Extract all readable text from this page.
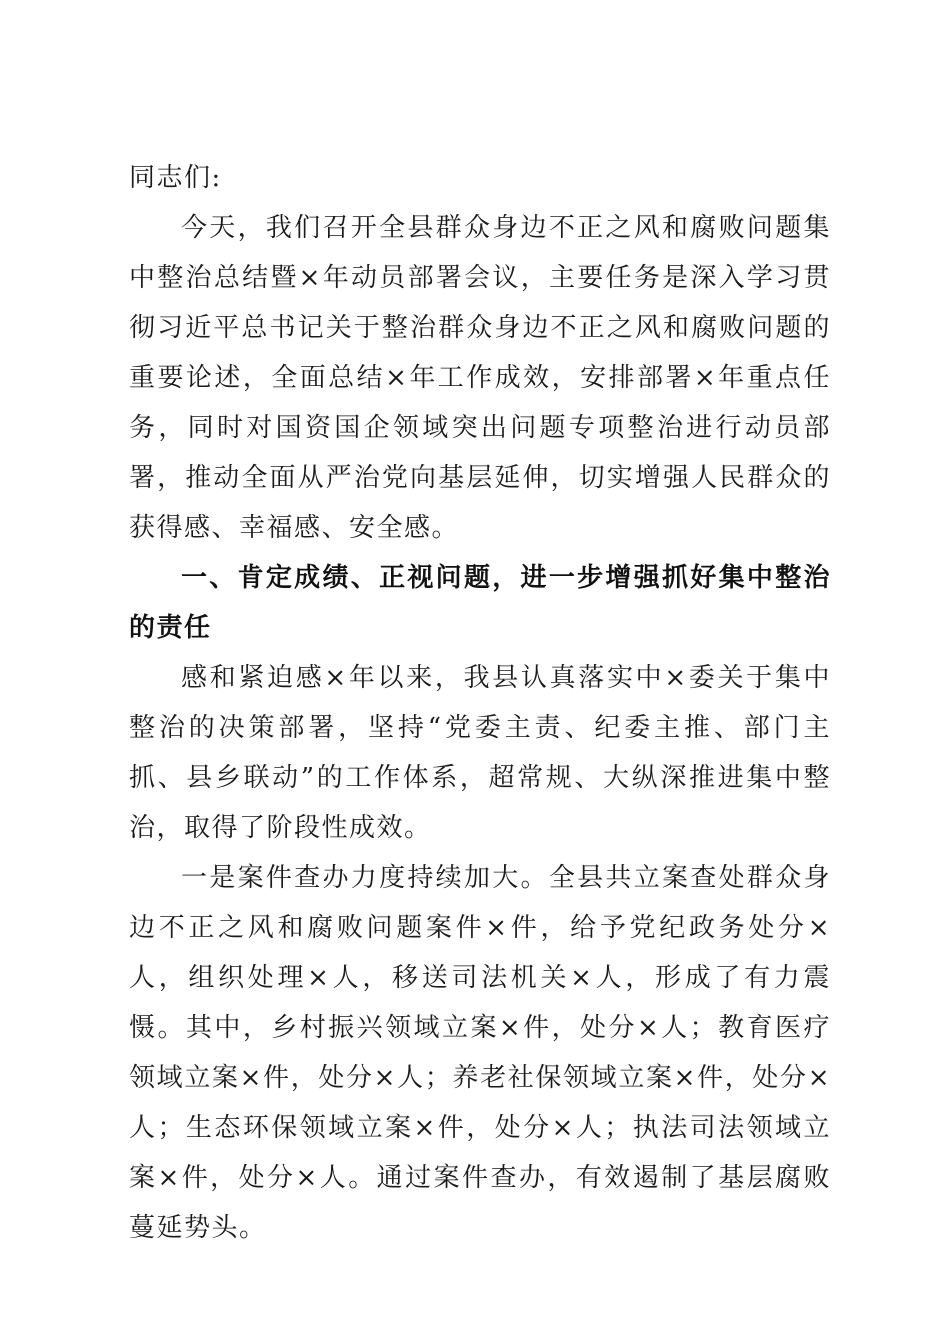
同志们:

今天，我们召开全县群众身边不正之风和腐败问题集中整治总结暨×年动员部署会议，主要任务是深入学习贯彻习近平总书记关于整治群众身边不正之风和腐败问题的重要论述，全面总结×年工作成效，安排部署×年重点任务，同时对国资国企领域突出问题专项整治进行动员部署，推动全面从严治党向基层延伸，切实增强人民群众的获得感、幸福感、安全感。

一、肯定成绩、正视问题，进一步增强抓好集中整治的责任

感和紧迫感×年以来，我县认真落实中×委关于集中整治的决策部署，坚持“党委主责、纪委主推、部门主抓、县乡联动”的工作体系，超常规、大纵深推进集中整治，取得了阶段性成效。

一是案件查办力度持续加大。全县共立案查处群众身边不正之风和腐败问题案件×件，给予党纪政务处分×人，组织处理×人，移送司法机关×人，形成了有力震慑。其中，乡村振兴领域立案×件，处分×人；教育医疗领域立案×件，处分×人；养老社保领域立案×件，处分×人；生态环保领域立案×件，处分×人；执法司法领域立案×件，处分×人。通过案件查办，有效遏制了基层腐败蔓延势头。
